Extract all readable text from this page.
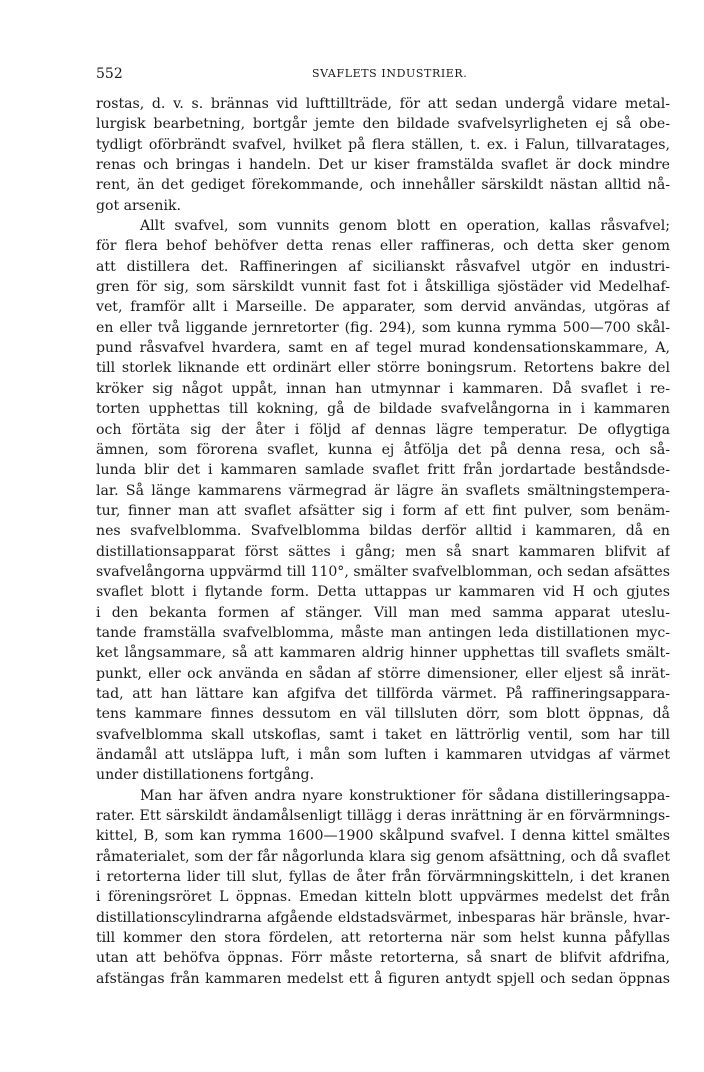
552	SVAFLETS INDUSTRIER.
rostas, d. v. s. brännas vid lufttillträde, för att sedan undergå vidare metal-
lurgisk bearbetning, bortgår jemte den bildade svafvelsyrligheten ej så obe-
tydligt oförbrändt svafvel, hvilket på flera ställen, t. ex. i Falun, tillvaratages,
renas och bringas i handeln. Det ur kiser framstälda svaflet är dock mindre
rent, än det gediget förekommande, och innehåller särskildt nästan alltid nå-
got arsenik.
Allt svafvel, som vunnits genom blott en operation, kallas råsvafvel;
för flera behof behöfver detta renas eller raffineras, och detta sker genom
att distillera det. Raffineringen af sicilianskt råsvafvel utgör en industri-
gren för sig, som särskildt vunnit fast fot i åtskilliga sjöstäder vid Medelhaf-
vet, framför allt i Marseille. De apparater, som dervid användas, utgöras af
en eller två liggande jernretorter (fig. 294), som kunna rymma 500—700 skål-
pund råsvafvel hvardera, samt en af tegel murad kondensationskammare, A,
till storlek liknande ett ordinärt eller större boningsrum. Retortens bakre del
kröker sig något uppåt, innan han utmynnar i kammaren. Då svaflet i re-
torten upphettas till kokning, gå de bildade svafvelångorna in i kammaren
och förtäta sig der åter i följd af dennas lägre temperatur. De oflygtiga
ämnen, som förorena svaflet, kunna ej åtfölja det på denna resa, och så-
lunda blir det i kammaren samlade svaflet fritt från jordartade beståndsde-
lar. Så länge kammarens värmegrad är lägre än svaflets smältningstempera-
tur, finner man att svaflet afsätter sig i form af ett fint pulver, som benäm-
nes svafvelblomma. Svafvelblomma bildas derför alltid i kammaren, då en
distillationsapparat först sättes i gång; men så snart kammaren blifvit af
svafvelångorna uppvärmd till 110°, smälter svafvelblomman, och sedan afsättes
svaflet blott i flytande form. Detta uttappas ur kammaren vid H och gjutes
i den bekanta formen af stänger. Vill man med samma apparat uteslu-
tande framställa svafvelblomma, måste man antingen leda distillationen myc-
ket långsammare, så att kammaren aldrig hinner upphettas till svaflets smält-
punkt, eller ock använda en sådan af större dimensioner, eller eljest så inrät-
tad, att han lättare kan afgifva det tillförda värmet. På raffineringsappara-
tens kammare finnes dessutom en väl tillsluten dörr, som blott öppnas, då
svafvelblomma skall utskoflas, samt i taket en lättrörlig ventil, som har till
ändamål att utsläppa luft, i mån som luften i kammaren utvidgas af värmet
under distillationens fortgång.
Man har äfven andra nyare konstruktioner för sådana distilleringsappa-
rater. Ett särskildt ändamålsenligt tillägg i deras inrättning är en förvärmnings-
kittel, B, som kan rymma 1600—1900 skålpund svafvel. I denna kittel smältes
råmaterialet, som der får någorlunda klara sig genom afsättning, och då svaflet
i retorterna lider till slut, fyllas de åter från förvärmningskitteln, i det kranen
i föreningsröret L öppnas. Emedan kitteln blott uppvärmes medelst det från
distillationscylindrarna afgående eldstadsvärmet, inbesparas här bränsle, hvar-
till kommer den stora fördelen, att retorterna när som helst kunna påfyllas
utan att behöfva öppnas. Förr måste retorterna, så snart de blifvit afdrifna,
afstängas från kammaren medelst ett å figuren antydt spjell och sedan öppnas
